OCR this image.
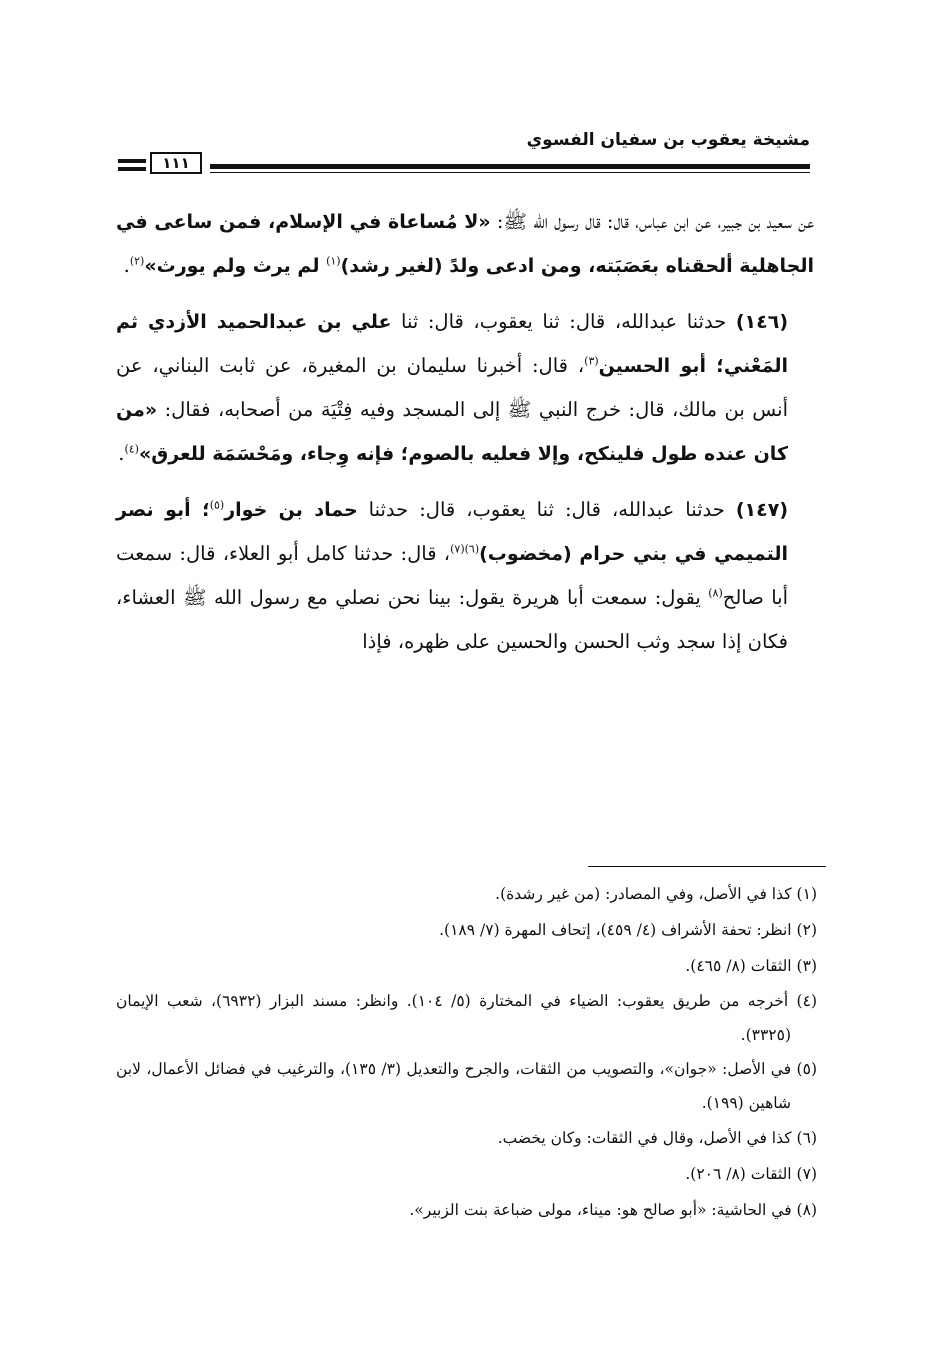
مشيخة يعقوب بن سفيان الفسوي
١١١

عن سعيد بن جبير، عن ابن عباس، قال: قال رسول الله ﷺ: «لا مُساعاة في الإسلام، فمن ساعى في الجاهلية ألحقناه بعَصَبَته، ومن ادعى ولدً (لغير رشد)$^{(١)}$ لم يرث ولم يورث»$^{(٢)}$.

(١٤٦) حدثنا عبدالله، قال: ثنا يعقوب، قال: ثنا علي بن عبدالحميد الأزدي ثم المَعْني؛ أبو الحسين$^{(٣)}$، قال: أخبرنا سليمان بن المغيرة، عن ثابت البناني، عن أنس بن مالك، قال: خرج النبي ﷺ إلى المسجد وفيه فِتْيَة من أصحابه، فقال: «من كان عنده طول فلينكح، وإلا فعليه بالصوم؛ فإنه وِجاء، ومَحْسَمَة للعرق»$^{(٤)}$.

(١٤٧) حدثنا عبدالله، قال: ثنا يعقوب، قال: حدثنا حماد بن خوار$^{(٥)}$؛ أبو نصر التميمي في بني حرام (مخضوب)$^{(٦)(٧)}$، قال: حدثنا كامل أبو العلاء، قال: سمعت أبا صالح$^{(٨)}$ يقول: سمعت أبا هريرة يقول: بينا نحن نصلي مع رسول الله ﷺ العشاء، فكان إذا سجد وثب الحسن والحسين على ظهره، فإذا

(١) كذا في الأصل، وفي المصادر: (من غير رشدة).

(٢) انظر: تحفة الأشراف (٤/ ٤٥٩)، إتحاف المهرة (٧/ ١٨٩).

(٣) الثقات (٨/ ٤٦٥).

(٤) أخرجه من طريق يعقوب: الضياء في المختارة (٥/ ١٠٤). وانظر: مسند البزار (٦٩٣٢)، شعب الإيمان (٣٣٢٥).

(٥) في الأصل: «جوان»، والتصويب من الثقات، والجرح والتعديل (٣/ ١٣٥)، والترغيب في فضائل الأعمال، لابن شاهين (١٩٩).

(٦) كذا في الأصل، وقال في الثقات: وكان يخضب.

(٧) الثقات (٨/ ٢٠٦).

(٨) في الحاشية: «أبو صالح هو: ميناء، مولى ضباعة بنت الزبير».
